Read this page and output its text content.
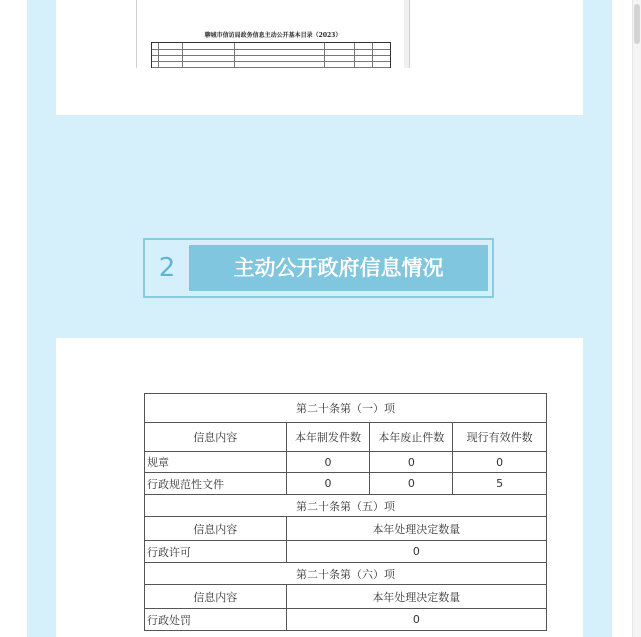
聊城市信访局政务信息主动公开基本目录（2023）
2	主动公开政府信息情况
第二十条第（一）项			
信息内容	本年制发件数	本年废止件数	现行有效件数
规章	0	0	0
行政规范性文件	0	0	5
第二十条第（五）项			
信息内容	本年处理决定数量		
行政许可	0		
第二十条第（六）项			
信息内容	本年处理决定数量		
行政处罚	0		
